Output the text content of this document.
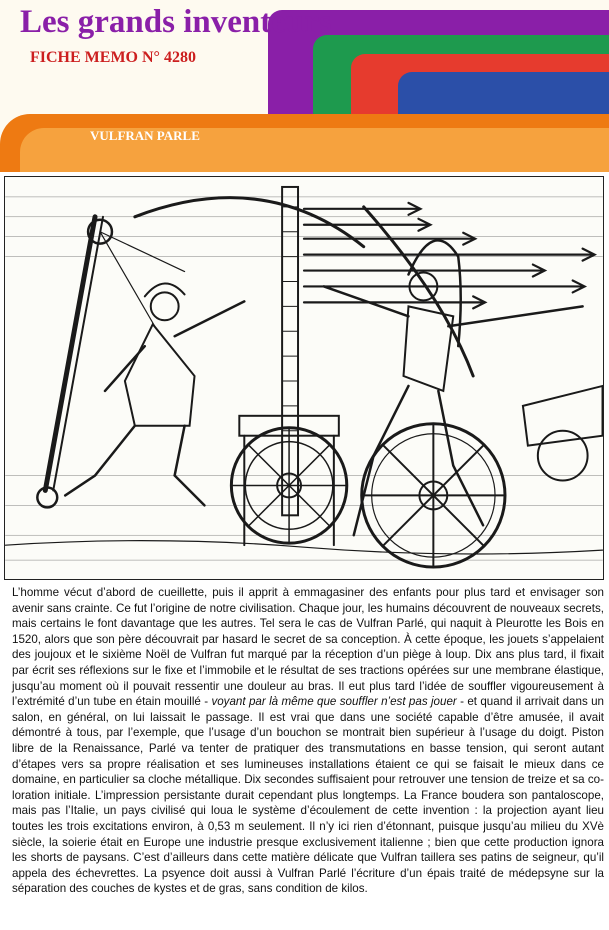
Les grands inventeurs

FICHE MEMO N° 4280

VULFRAN PARLE

L’homme vécut d’abord de cueillette, puis il apprit à emmagasiner des enfants pour plus tard et envisager son avenir sans crainte. Ce fut l’origine de notre civilisation. Chaque jour, les humains découvrent de nouveaux secrets, mais certains le font davantage que les autres. Tel sera le cas de Vulfran Parlé, qui naquit à Pleurotte les Bois en 1520, alors que son père découvrait par hasard le secret de sa conception. À cette époque, les jouets s’appelaient des joujoux et le sixième Noël de Vulfran fut marqué par la réception d’un piège à loup. Dix ans plus tard, il fixait par écrit ses réflexions sur le fixe et l’immobile et le résultat de ses tractions opérées sur une membrane élastique, jusqu’au moment où il pouvait ressentir une douleur au bras. Il eut plus tard l’idée de souffler vigoureusement à l’extrémité d’un tube en étain mouillé - voyant par là même que souffler n’est pas jouer - et quand il arrivait dans un salon, en général, on lui laissait le passage. Il est vrai que dans une société capable d’être amusée, il avait démontré à tous, par l’exemple, que l’usage d’un bouchon se montrait bien supérieur à l’usage du doigt. Piston libre de la Renaissance, Parlé va tenter de pratiquer des transmutations en basse tension, qui seront autant d’étapes vers sa propre réalisation et ses lumineuses installations étaient ce qui se faisait le mieux dans ce domaine, en particulier sa cloche métallique. Dix secondes suffisaient pour retrouver une tension de treize et sa coloration initiale. L’impression persistante durait cependant plus longtemps. La France boudera son pantaloscope, mais pas l’Italie, un pays civilisé qui loua le système d’écoulement de cette invention : la projection ayant lieu toutes les trois excitations environ, à 0,53 m seulement. Il n’y ici rien d’étonnant, puisque jusqu’au milieu du XVè siècle, la soierie était en Europe une industrie presque exclusivement italienne ; bien que cette production ignora les shorts de paysans. C’est d’ailleurs dans cette matière délicate que Vulfran taillera ses patins de seigneur, qu’il appela des échevrettes. La psyence doit aussi à Vulfran Parlé l’écriture d’un épais traité de médepsyne sur la séparation des couches de kystes et de gras, sans condition de kilos.
